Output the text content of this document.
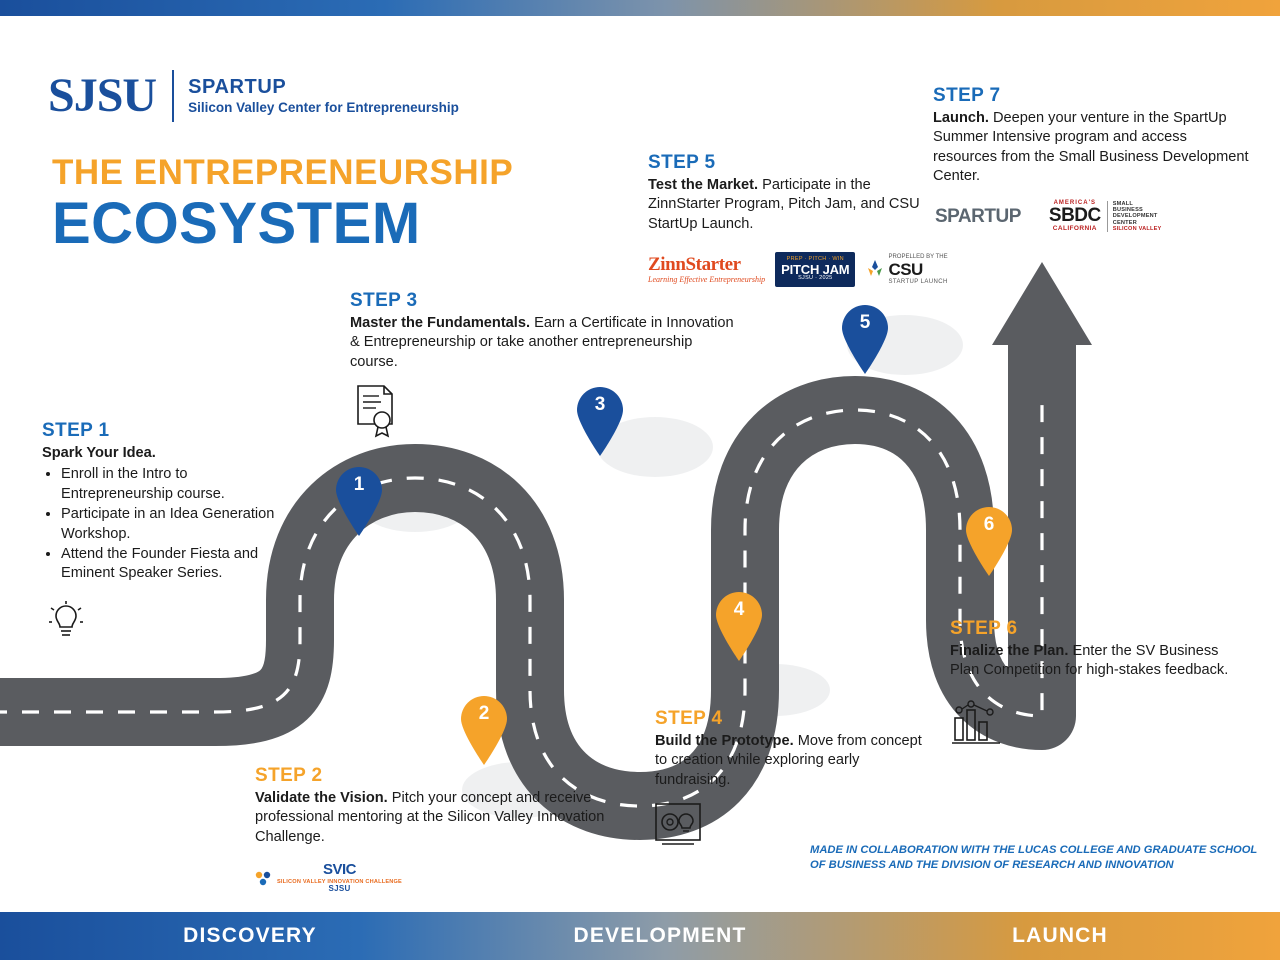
SJSU SPARTUP
Silicon Valley Center for Entrepreneurship
THE ENTREPRENEURSHIP
ECOSYSTEM
1
2
3
4
5
6
STEP 1
Spark Your Idea.
• Enroll in the Intro to Entrepreneurship course.
• Participate in an Idea Generation Workshop.
• Attend the Founder Fiesta and Eminent Speaker Series.
STEP 2
Validate the Vision. Pitch your concept and receive professional mentoring at the Silicon Valley Innovation Challenge.
SVIC
SILICON VALLEY INNOVATION CHALLENGE
SJSU
STEP 3
Master the Fundamentals. Earn a Certificate in Innovation & Entrepreneurship or take another entrepreneurship course.
STEP 4
Build the Prototype. Move from concept to creation while exploring early fundraising.
STEP 5
Test the Market. Participate in the ZinnStarter Program, Pitch Jam, and CSU StartUp Launch.
ZinnStarter
Learning Effective Entrepreneurship
PREP · PITCH · WIN
PITCH JAM
SJSU · 2025
PROPELLED BY THE
CSU
STARTUP LAUNCH
STEP 6
Finalize the Plan. Enter the SV Business Plan Competition for high-stakes feedback.
STEP 7
Launch. Deepen your venture in the SpartUp Summer Intensive program and access resources from the Small Business Development Center.
SPART UP
AMERICA'S
SBDC
CALIFORNIA
SMALL
BUSINESS
DEVELOPMENT
CENTER
SILICON VALLEY
MADE IN COLLABORATION WITH THE LUCAS COLLEGE AND GRADUATE SCHOOL OF BUSINESS AND THE DIVISION OF RESEARCH AND INNOVATION
DISCOVERY	DEVELOPMENT	LAUNCH
